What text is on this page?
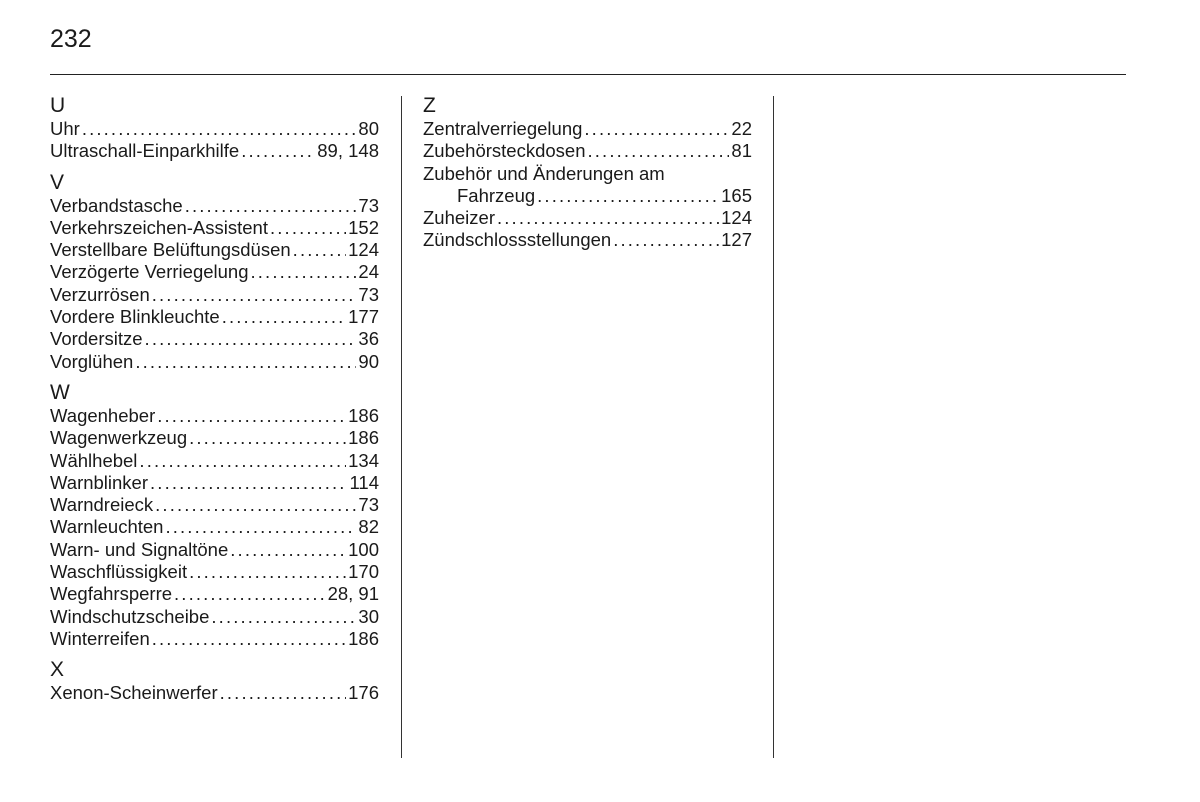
232
U
Uhr . . .	80
Ultraschall-Einparkhilfe . . .	89, 148
V
Verbandstasche . . .	73
Verkehrszeichen-Assistent . . .	152
Verstellbare Belüftungsdüsen . . .	124
Verzögerte Verriegelung . . .	24
Verzurrösen . . .	73
Vordere Blinkleuchte . . .	177
Vordersitze . . .	36
Vorglühen . . .	90
W
Wagenheber . . .	186
Wagenwerkzeug . . .	186
Wählhebel . . .	134
Warnblinker . . .	114
Warndreieck . . .	73
Warnleuchten . . .	82
Warn- und Signaltöne . . .	100
Waschflüssigkeit . . .	170
Wegfahrsperre . . .	28, 91
Windschutzscheibe . . .	30
Winterreifen . . .	186
X
Xenon-Scheinwerfer . . .	176
Z
Zentralverriegelung . . .	22
Zubehörsteckdosen . . .	81
Zubehör und Änderungen am
Fahrzeug . . .	165
Zuheizer . . .	124
Zündschlossstellungen . . .	127
